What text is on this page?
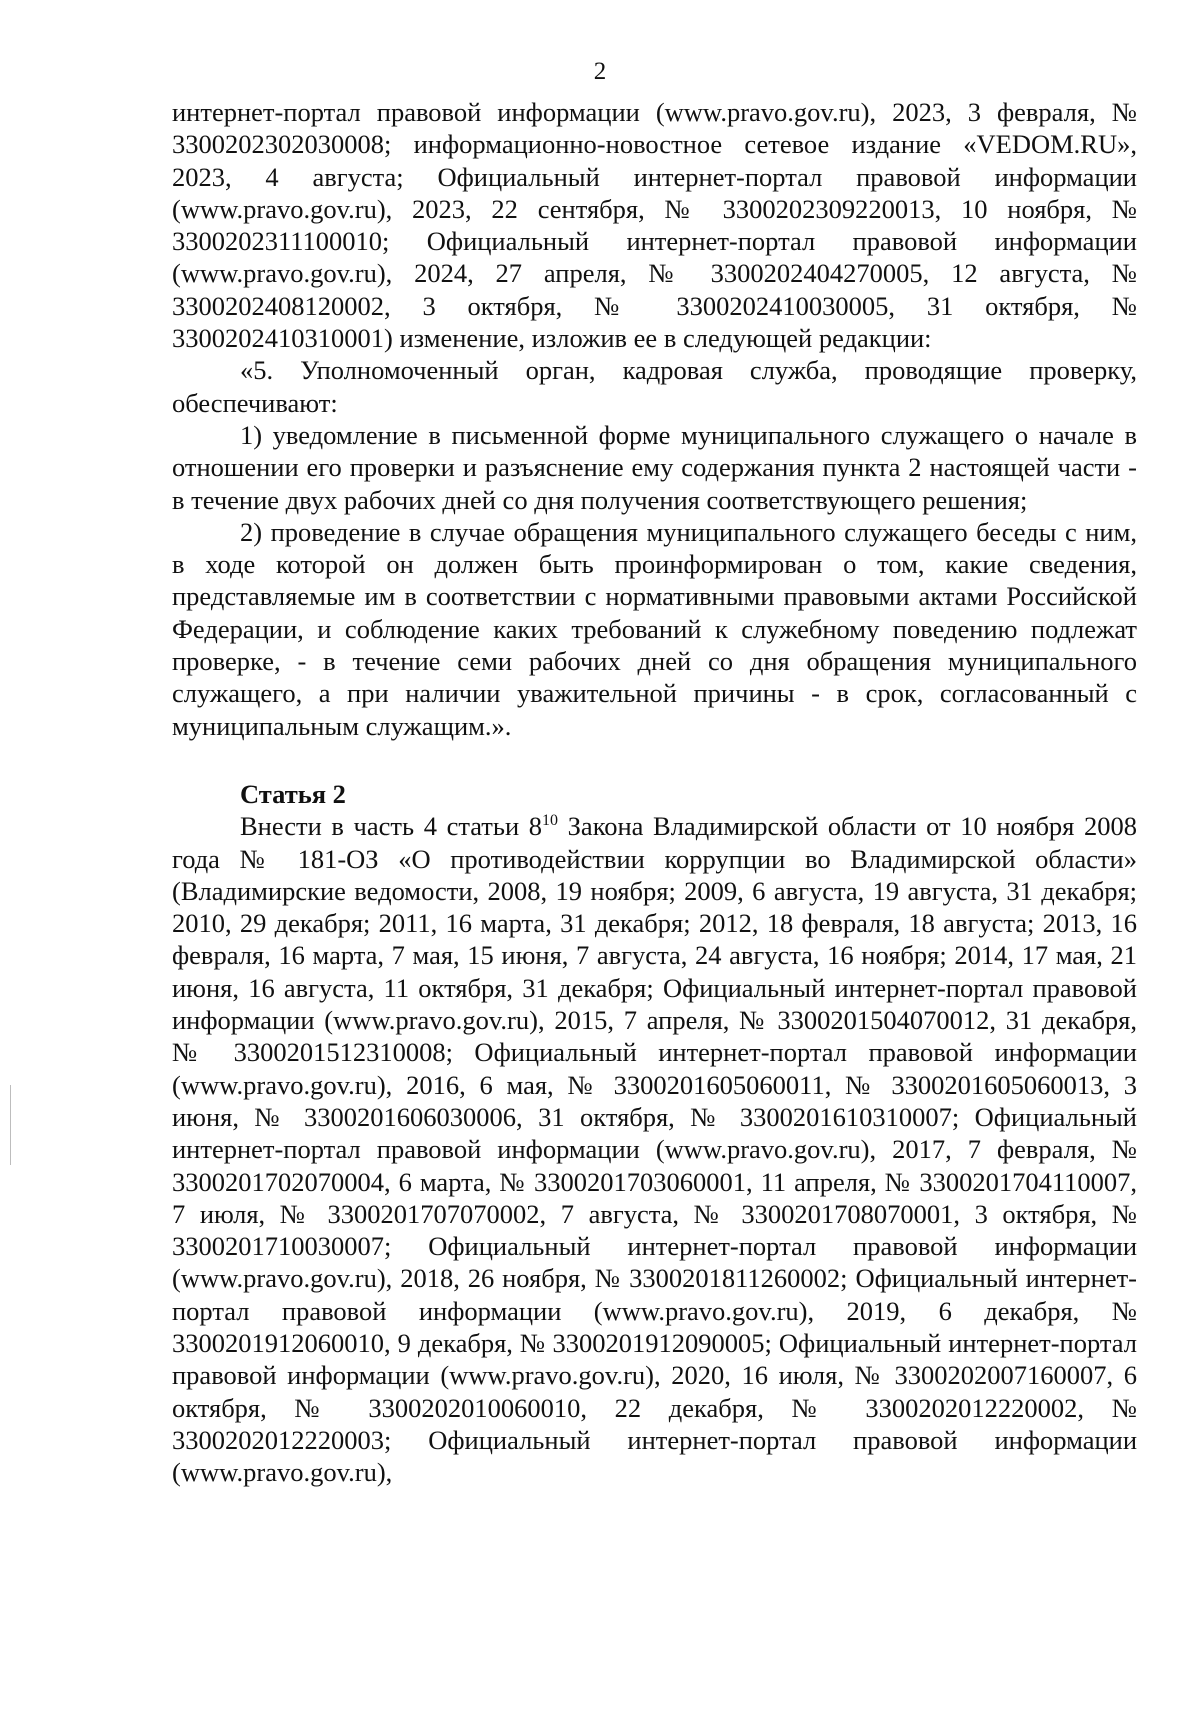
2

интернет-портал правовой информации (www.pravo.gov.ru), 2023, 3 февраля, № 3300202302030008; информационно-новостное сетевое издание «VEDOM.RU», 2023, 4 августа; Официальный интернет-портал правовой информации (www.pravo.gov.ru), 2023, 22 сентября, № 3300202309220013, 10 ноября, № 3300202311100010; Официальный интернет-портал правовой информации (www.pravo.gov.ru), 2024, 27 апреля, № 3300202404270005, 12 августа, № 3300202408120002, 3 октября, № 3300202410030005, 31 октября, № 3300202410310001) изменение, изложив ее в следующей редакции:

«5. Уполномоченный орган, кадровая служба, проводящие проверку, обеспечивают:

1) уведомление в письменной форме муниципального служащего о начале в отношении его проверки и разъяснение ему содержания пункта 2 настоящей части - в течение двух рабочих дней со дня получения соответствующего решения;

2) проведение в случае обращения муниципального служащего беседы с ним, в ходе которой он должен быть проинформирован о том, какие сведения, представляемые им в соответствии с нормативными правовыми актами Российской Федерации, и соблюдение каких требований к служебному поведению подлежат проверке, - в течение семи рабочих дней со дня обращения муниципального служащего, а при наличии уважительной причины - в срок, согласованный с муниципальным служащим.».

Статья 2

Внести в часть 4 статьи $8^{10}$ Закона Владимирской области от 10 ноября 2008 года № 181-ОЗ «О противодействии коррупции во Владимирской области» (Владимирские ведомости, 2008, 19 ноября; 2009, 6 августа, 19 августа, 31 декабря; 2010, 29 декабря; 2011, 16 марта, 31 декабря; 2012, 18 февраля, 18 августа; 2013, 16 февраля, 16 марта, 7 мая, 15 июня, 7 августа, 24 августа, 16 ноября; 2014, 17 мая, 21 июня, 16 августа, 11 октября, 31 декабря; Официальный интернет-портал правовой информации (www.pravo.gov.ru), 2015, 7 апреля, № 3300201504070012, 31 декабря, № 3300201512310008; Официальный интернет-портал правовой информации (www.pravo.gov.ru), 2016, 6 мая, № 3300201605060011, № 3300201605060013, 3 июня, № 3300201606030006, 31 октября, № 3300201610310007; Официальный интернет-портал правовой информации (www.pravo.gov.ru), 2017, 7 февраля, № 3300201702070004, 6 марта, № 3300201703060001, 11 апреля, № 3300201704110007, 7 июля, № 3300201707070002, 7 августа, № 3300201708070001, 3 октября, № 3300201710030007; Официальный интернет-портал правовой информации (www.pravo.gov.ru), 2018, 26 ноября, № 3300201811260002; Официальный интернет-портал правовой информации (www.pravo.gov.ru), 2019, 6 декабря, № 3300201912060010, 9 декабря, № 3300201912090005; Официальный интернет-портал правовой информации (www.pravo.gov.ru), 2020, 16 июля, № 3300202007160007, 6 октября, № 3300202010060010, 22 декабря, № 3300202012220002, № 3300202012220003; Официальный интернет-портал правовой информации (www.pravo.gov.ru),
